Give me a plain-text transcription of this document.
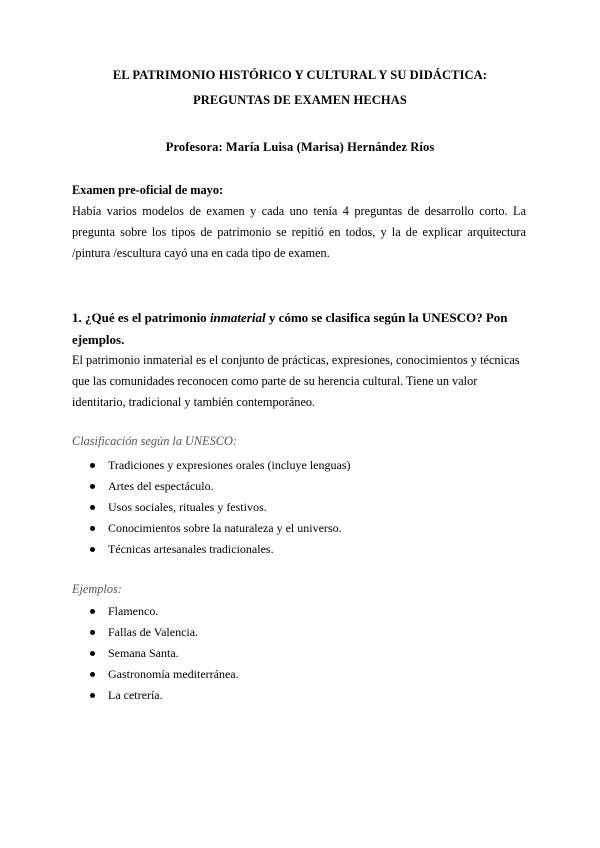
EL PATRIMONIO HISTÓRICO Y CULTURAL Y SU DIDÁCTICA:
PREGUNTAS DE EXAMEN HECHAS
Profesora: María Luisa (Marisa) Hernández Ríos
Examen pre-oficial de mayo:
Había varios modelos de examen y cada uno tenía 4 preguntas de desarrollo corto. La pregunta sobre los tipos de patrimonio se repitió en todos, y la de explicar arquitectura /pintura /escultura cayó una en cada tipo de examen.
1. ¿Qué es el patrimonio inmaterial y cómo se clasifica según la UNESCO? Pon ejemplos.
El patrimonio inmaterial es el conjunto de prácticas, expresiones, conocimientos y técnicas que las comunidades reconocen como parte de su herencia cultural. Tiene un valor identitario, tradicional y también contemporáneo.
Clasificación según la UNESCO:
Tradiciones y expresiones orales (incluye lenguas)
Artes del espectáculo.
Usos sociales, rituales y festivos.
Conocimientos sobre la naturaleza y el universo.
Técnicas artesanales tradicionales.
Ejemplos:
Flamenco.
Fallas de Valencia.
Semana Santa.
Gastronomía mediterránea.
La cetrería.
